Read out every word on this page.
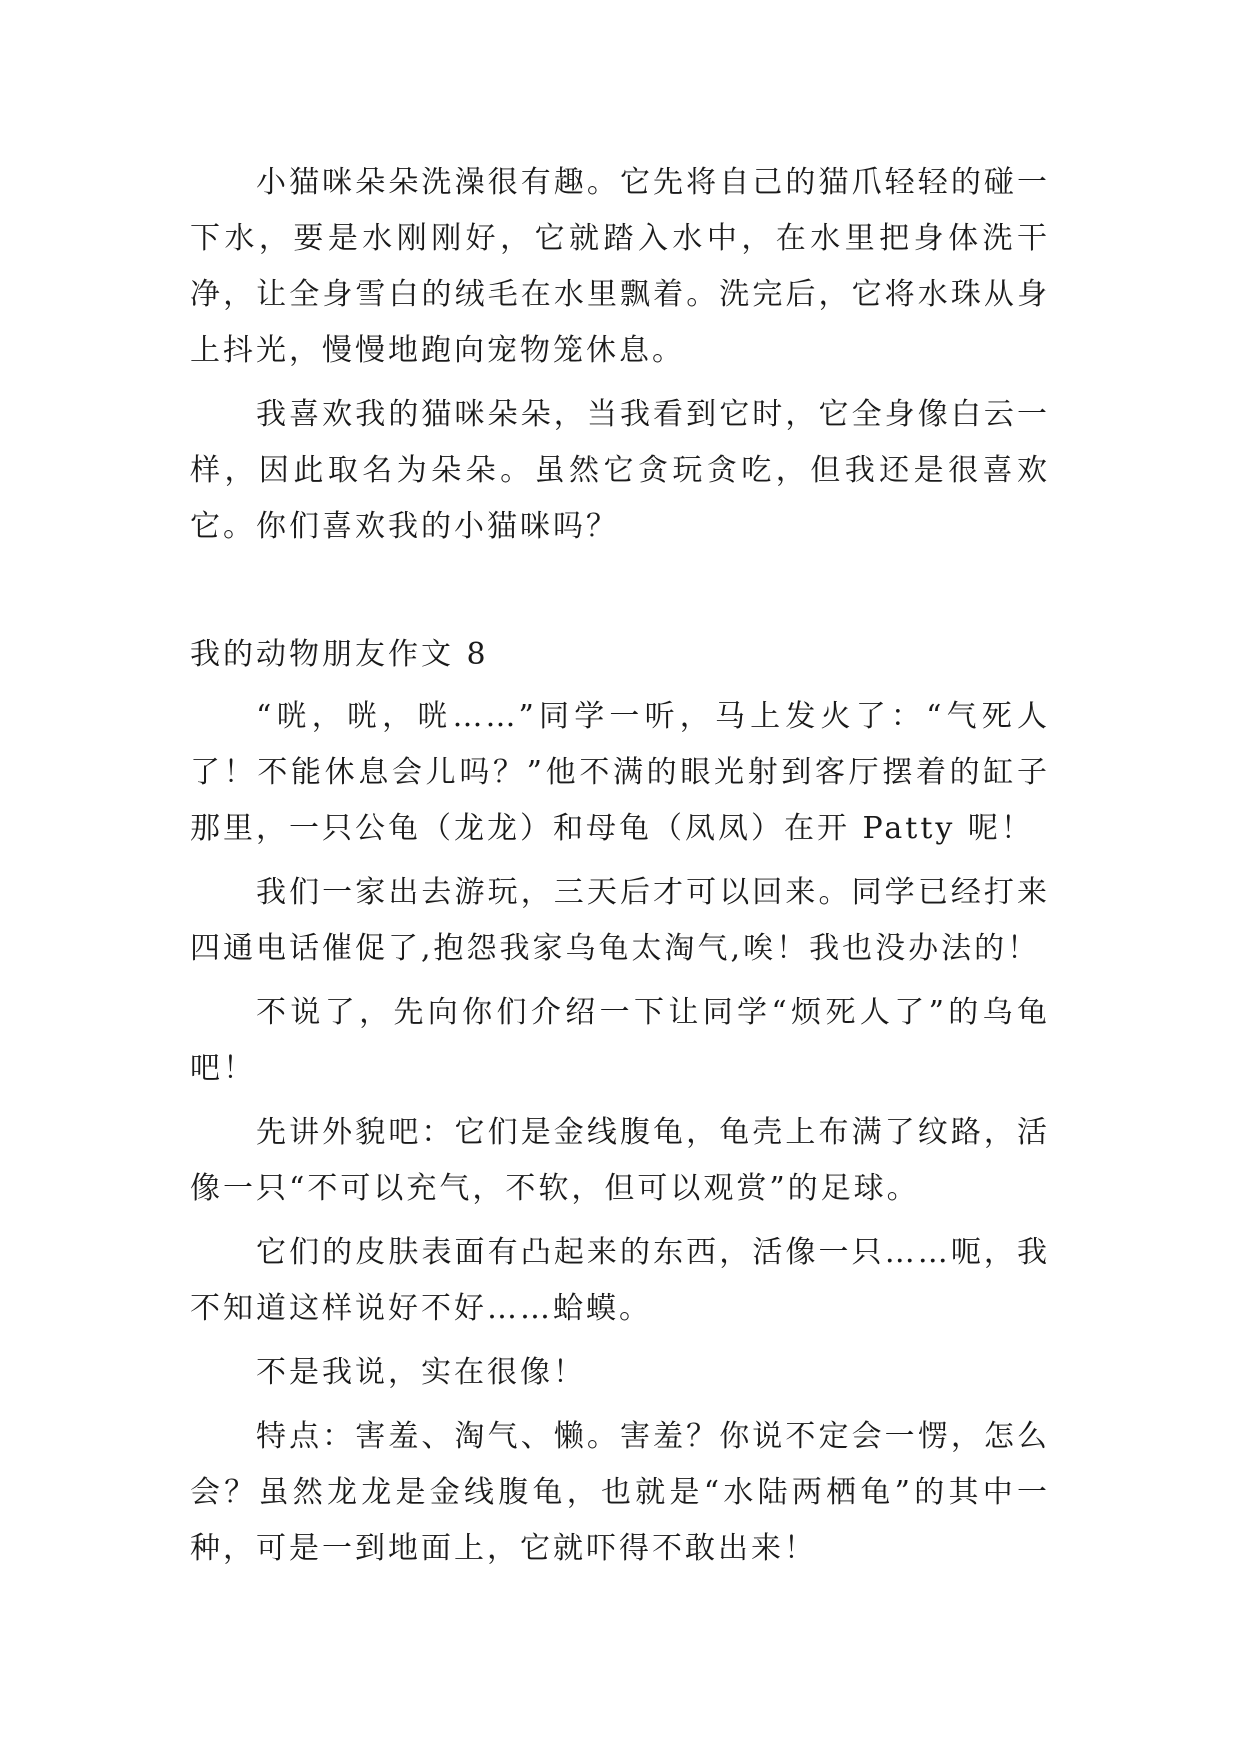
小猫咪朵朵洗澡很有趣。它先将自己的猫爪轻轻的碰一下水，要是水刚刚好，它就踏入水中，在水里把身体洗干净，让全身雪白的绒毛在水里飘着。洗完后，它将水珠从身上抖光，慢慢地跑向宠物笼休息。

我喜欢我的猫咪朵朵，当我看到它时，它全身像白云一样，因此取名为朵朵。虽然它贪玩贪吃，但我还是很喜欢它。你们喜欢我的小猫咪吗？

我的动物朋友作文 8

“咣，咣，咣……”同学一听，马上发火了：“气死人了！不能休息会儿吗？”他不满的眼光射到客厅摆着的缸子那里，一只公龟（龙龙）和母龟（凤凤）在开 Patty 呢！

我们一家出去游玩，三天后才可以回来。同学已经打来四通电话催促了,抱怨我家乌龟太淘气,唉！我也没办法的！

不说了，先向你们介绍一下让同学“烦死人了”的乌龟吧！

先讲外貌吧：它们是金线腹龟，龟壳上布满了纹路，活像一只“不可以充气，不软，但可以观赏”的足球。

它们的皮肤表面有凸起来的东西，活像一只……呃，我不知道这样说好不好……蛤蟆。

不是我说，实在很像！

特点：害羞、淘气、懒。害羞？你说不定会一愣，怎么会？虽然龙龙是金线腹龟，也就是“水陆两栖龟”的其中一种，可是一到地面上，它就吓得不敢出来！
